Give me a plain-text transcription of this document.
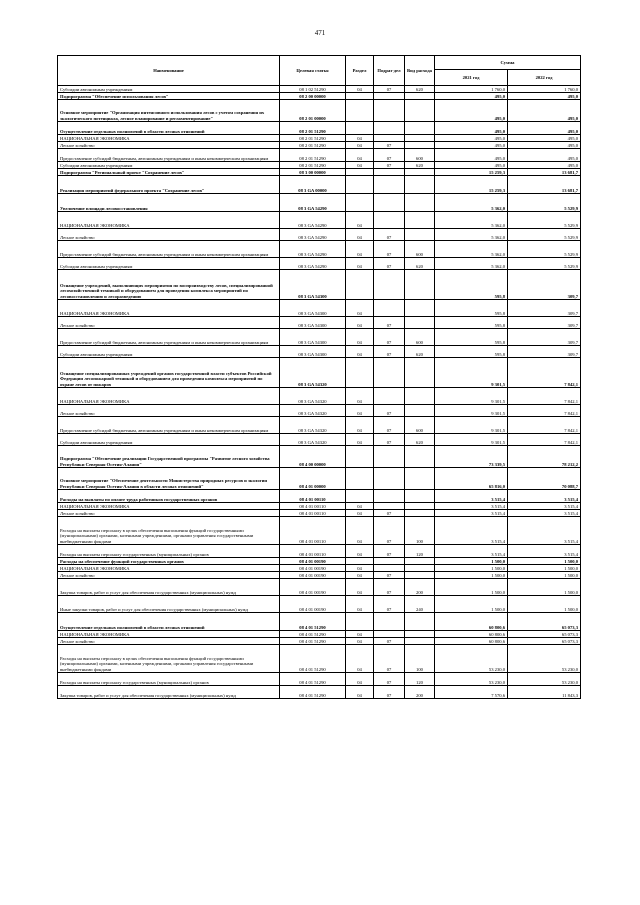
471
Наименование	Целевая статья	Раздел	Подраз-дел	Вид расхода	Сумма	
					2021 год	2022 год
Субсидии автономным учреждениям	08 1 02 51290	04	07	620	1 760,0	1 760,0
Подпрограмма "Обеспечение использования лесов"	08 2 00 00000				495,0	495,0
Основное мероприятие "Организация интенсивного использования лесов с учетом сохранения их экологического потенциала, лесное планирование и регламентирование"	08 2 01 00000				495,0	495,0
Осуществление отдельных полномочий в области лесных отношений	08 2 01 51290				495,0	495,0
НАЦИОНАЛЬНАЯ ЭКОНОМИКА	08 2 01 51290	04			495,0	495,0
Лесное хозяйство	08 2 01 51290	04	07		495,0	495,0
Предоставление субсидий бюджетным, автономным учреждениям и иным некоммерческим организациям	08 2 01 51290	04	07	600	495,0	495,0
Субсидии автономным учреждениям	08 2 01 51290	04	07	620	495,0	495,0
Подпрограмма "Региональный проект "Сохранение лесов"	08 3 00 00000				15 259,3	13 681,7
Реализация мероприятий федерального проекта "Сохранение лесов"	08 3 GA 00000				15 259,3	13 681,7
Увеличение площади лесовосстановления	08 3 GA 54290				5 362,0	5 529,9
НАЦИОНАЛЬНАЯ ЭКОНОМИКА	08 3 GA 54290	04			5 362,0	5 529,9
Лесное хозяйство	08 3 GA 54290	04	07		5 362,0	5 529,9
Предоставление субсидий бюджетным, автономным учреждениям и иным некоммерческим организациям	08 3 GA 54290	04	07	600	5 362,0	5 529,9
Субсидии автономным учреждениям	08 3 GA 54290	04	07	620	5 362,0	5 529,9
Оснащение учреждений, выполняющих мероприятия по воспроизводству лесов, специализированной лесохозяйственной техникой и оборудованием для проведения комплекса мероприятий по лесовосстановлению и лесоразведению	08 3 GA 54300				595,8	309,7
НАЦИОНАЛЬНАЯ ЭКОНОМИКА	08 3 GA 54300	04			595,8	309,7
Лесное хозяйство	08 3 GA 54300	04	07		595,8	309,7
Предоставление субсидий бюджетным, автономным учреждениям и иным некоммерческим организациям	08 3 GA 54300	04	07	600	595,8	309,7
Субсидии автономным учреждениям	08 3 GA 54300	04	07	620	595,8	309,7
Оснащение специализированных учреждений органов государственной власти субъектов Российской Федерации лесопожарной техникой и оборудованием для проведения комплекса мероприятий по охране лесов от пожаров	08 3 GA 54320				9 301,5	7 842,1
НАЦИОНАЛЬНАЯ ЭКОНОМИКА	08 3 GA 54320	04			9 301,5	7 842,1
Лесное хозяйство	08 3 GA 54320	04	07		9 301,5	7 842,1
Предоставление субсидий бюджетным, автономным учреждениям и иным некоммерческим организациям	08 3 GA 54320	04	07	600	9 301,5	7 842,1
Субсидии автономным учреждениям	08 3 GA 54320	04	07	620	9 301,5	7 842,1
Подпрограмма "Обеспечение реализации Государственной программы "Развитие лесного хозяйства Республики Северная Осетия-Алания"	08 4 00 00000				73 339,5	78 212,2
Основное мероприятие "Обеспечение деятельности Министерства природных ресурсов и экологии Республики Северная Осетия-Алания в области лесных отношений"	08 4 01 00000				65 816,0	70 088,7
Расходы на выплаты по оплате труда работников государственных органов	08 4 01 00110				3 515,4	3 515,4
НАЦИОНАЛЬНАЯ ЭКОНОМИКА	08 4 01 00110	04			3 515,4	3 515,4
Лесное хозяйство	08 4 01 00110	04	07		3 515,4	3 515,4
Расходы на выплаты персоналу в целях обеспечения выполнения функций государственными (муниципальными) органами, казенными учреждениями, органами управления государственными внебюджетными фондами	08 4 01 00110	04	07	100	3 515,4	3 515,4
Расходы на выплаты персоналу государственных (муниципальных) органов	08 4 01 00110	04	07	120	3 515,4	3 515,4
Расходы на обеспечение функций государственных органов	08 4 01 00190				1 500,0	1 500,0
НАЦИОНАЛЬНАЯ ЭКОНОМИКА	08 4 01 00190	04			1 500,0	1 500,0
Лесное хозяйство	08 4 01 00190	04	07		1 500,0	1 500,0
Закупка товаров, работ и услуг для обеспечения государственных (муниципальных) нужд	08 4 01 00190	04	07	200	1 500,0	1 500,0
Иные закупки товаров, работ и услуг для обеспечения государственных (муниципальных) нужд	08 4 01 00190	04	07	240	1 500,0	1 500,0
Осуществление отдельных полномочий в области лесных отношений	08 4 01 51290				60 800,6	65 073,3
НАЦИОНАЛЬНАЯ ЭКОНОМИКА	08 4 01 51290	04			60 800,6	65 073,3
Лесное хозяйство	08 4 01 51290	04	07		60 800,6	65 073,3
Расходы на выплаты персоналу в целях обеспечения выполнения функций государственными (муниципальными) органами, казенными учреждениями, органами управления государственными внебюджетными фондами	08 4 01 51290	04	07	100	53 230,0	53 230,0
Расходы на выплаты персоналу государственных (муниципальных) органов	08 4 01 51290	04	07	120	53 230,0	53 230,0
Закупка товаров, работ и услуг для обеспечения государственных (муниципальных) нужд	08 4 01 51290	04	07	200	7 570,6	11 843,3
